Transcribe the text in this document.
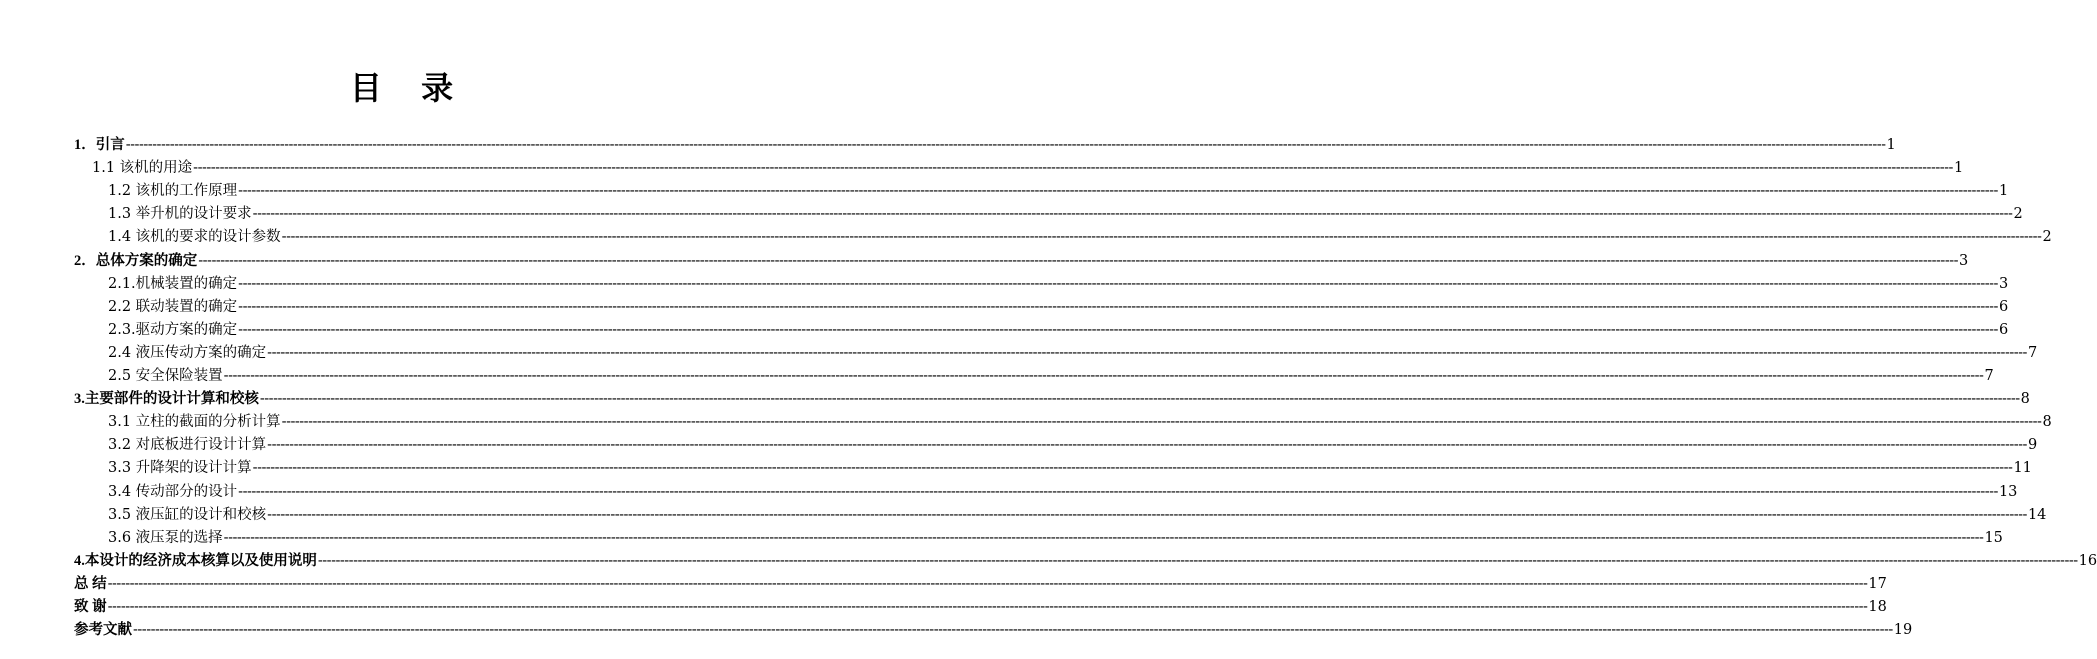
目 录
1．引言 ---------------------------------------------------------------------------------------------------------------------------------------------------------------------------------------------------------------------------------------------------------------------------------------------------------------------------------------------------------------------------------------------------------------- 1
1.1 该机的用途 ---------------------------------------------------------------------------------------------------------------------------------------------------------------------------------------------------------------------------------------------------------------------------------------------------------------------------------------------------------------------------------------------------------------- 1
1.2 该机的工作原理 ---------------------------------------------------------------------------------------------------------------------------------------------------------------------------------------------------------------------------------------------------------------------------------------------------------------------------------------------------------------------------------------------------------------- 1
1.3 举升机的设计要求 ---------------------------------------------------------------------------------------------------------------------------------------------------------------------------------------------------------------------------------------------------------------------------------------------------------------------------------------------------------------------------------------------------------------- 2
1.4 该机的要求的设计参数 ---------------------------------------------------------------------------------------------------------------------------------------------------------------------------------------------------------------------------------------------------------------------------------------------------------------------------------------------------------------------------------------------------------------- 2
2．总体方案的确定 ---------------------------------------------------------------------------------------------------------------------------------------------------------------------------------------------------------------------------------------------------------------------------------------------------------------------------------------------------------------------------------------------------------------- 3
2.1.机械装置的确定 ---------------------------------------------------------------------------------------------------------------------------------------------------------------------------------------------------------------------------------------------------------------------------------------------------------------------------------------------------------------------------------------------------------------- 3
2.2 联动装置的确定 ---------------------------------------------------------------------------------------------------------------------------------------------------------------------------------------------------------------------------------------------------------------------------------------------------------------------------------------------------------------------------------------------------------------- 6
2.3.驱动方案的确定 ---------------------------------------------------------------------------------------------------------------------------------------------------------------------------------------------------------------------------------------------------------------------------------------------------------------------------------------------------------------------------------------------------------------- 6
2.4 液压传动方案的确定 ---------------------------------------------------------------------------------------------------------------------------------------------------------------------------------------------------------------------------------------------------------------------------------------------------------------------------------------------------------------------------------------------------------------- 7
2.5 安全保险装置 ---------------------------------------------------------------------------------------------------------------------------------------------------------------------------------------------------------------------------------------------------------------------------------------------------------------------------------------------------------------------------------------------------------------- 7
3.主要部件的设计计算和校核 ---------------------------------------------------------------------------------------------------------------------------------------------------------------------------------------------------------------------------------------------------------------------------------------------------------------------------------------------------------------------------------------------------------------- 8
3.1 立柱的截面的分析计算 ---------------------------------------------------------------------------------------------------------------------------------------------------------------------------------------------------------------------------------------------------------------------------------------------------------------------------------------------------------------------------------------------------------------- 8
3.2 对底板进行设计计算 ---------------------------------------------------------------------------------------------------------------------------------------------------------------------------------------------------------------------------------------------------------------------------------------------------------------------------------------------------------------------------------------------------------------- 9
3.3 升降架的设计计算 ---------------------------------------------------------------------------------------------------------------------------------------------------------------------------------------------------------------------------------------------------------------------------------------------------------------------------------------------------------------------------------------------------------------- 11
3.4 传动部分的设计 ---------------------------------------------------------------------------------------------------------------------------------------------------------------------------------------------------------------------------------------------------------------------------------------------------------------------------------------------------------------------------------------------------------------- 13
3.5 液压缸的设计和校核 ---------------------------------------------------------------------------------------------------------------------------------------------------------------------------------------------------------------------------------------------------------------------------------------------------------------------------------------------------------------------------------------------------------------- 14
3.6 液压泵的选择 ---------------------------------------------------------------------------------------------------------------------------------------------------------------------------------------------------------------------------------------------------------------------------------------------------------------------------------------------------------------------------------------------------------------- 15
4.本设计的经济成本核算以及使用说明 ---------------------------------------------------------------------------------------------------------------------------------------------------------------------------------------------------------------------------------------------------------------------------------------------------------------------------------------------------------------------------------------------------------------- 16
总 结 ---------------------------------------------------------------------------------------------------------------------------------------------------------------------------------------------------------------------------------------------------------------------------------------------------------------------------------------------------------------------------------------------------------------- 17
致 谢 ---------------------------------------------------------------------------------------------------------------------------------------------------------------------------------------------------------------------------------------------------------------------------------------------------------------------------------------------------------------------------------------------------------------- 18
参考文献 ---------------------------------------------------------------------------------------------------------------------------------------------------------------------------------------------------------------------------------------------------------------------------------------------------------------------------------------------------------------------------------------------------------------- 19
